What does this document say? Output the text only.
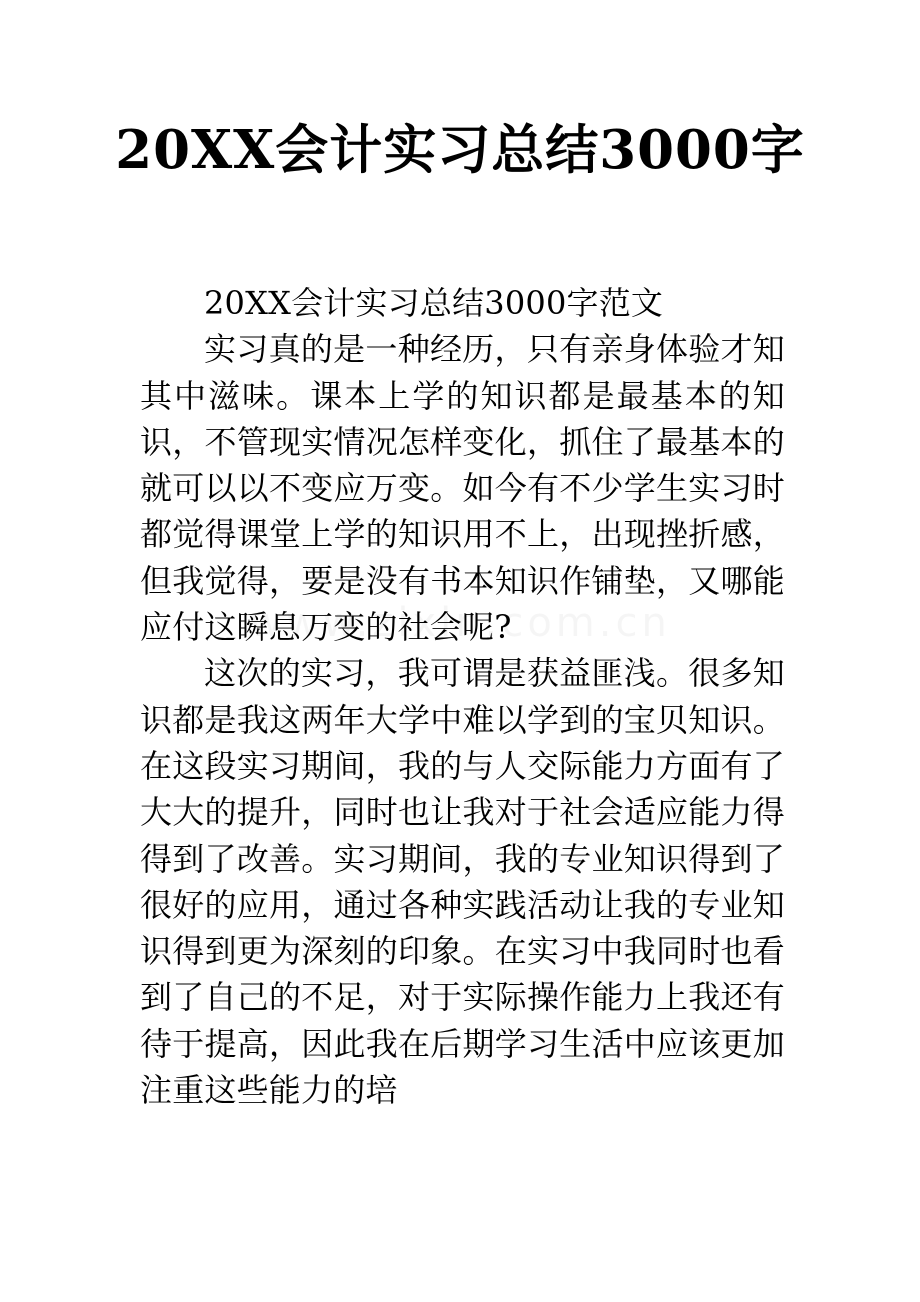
20XX会计实习总结3000字

20XX会计实习总结3000字范文

实习真的是一种经历，只有亲身体验才知其中滋味。课本上学的知识都是最基本的知识，不管现实情况怎样变化，抓住了最基本的就可以以不变应万变。如今有不少学生实习时都觉得课堂上学的知识用不上，出现挫折感，但我觉得，要是没有书本知识作铺垫，又哪能应付这瞬息万变的社会呢?

这次的实习，我可谓是获益匪浅。很多知识都是我这两年大学中难以学到的宝贝知识。在这段实习期间，我的与人交际能力方面有了大大的提升，同时也让我对于社会适应能力得得到了改善。实习期间，我的专业知识得到了很好的应用，通过各种实践活动让我的专业知识得到更为深刻的印象。在实习中我同时也看到了自己的不足，对于实际操作能力上我还有待于提高，因此我在后期学习生活中应该更加注重这些能力的培
